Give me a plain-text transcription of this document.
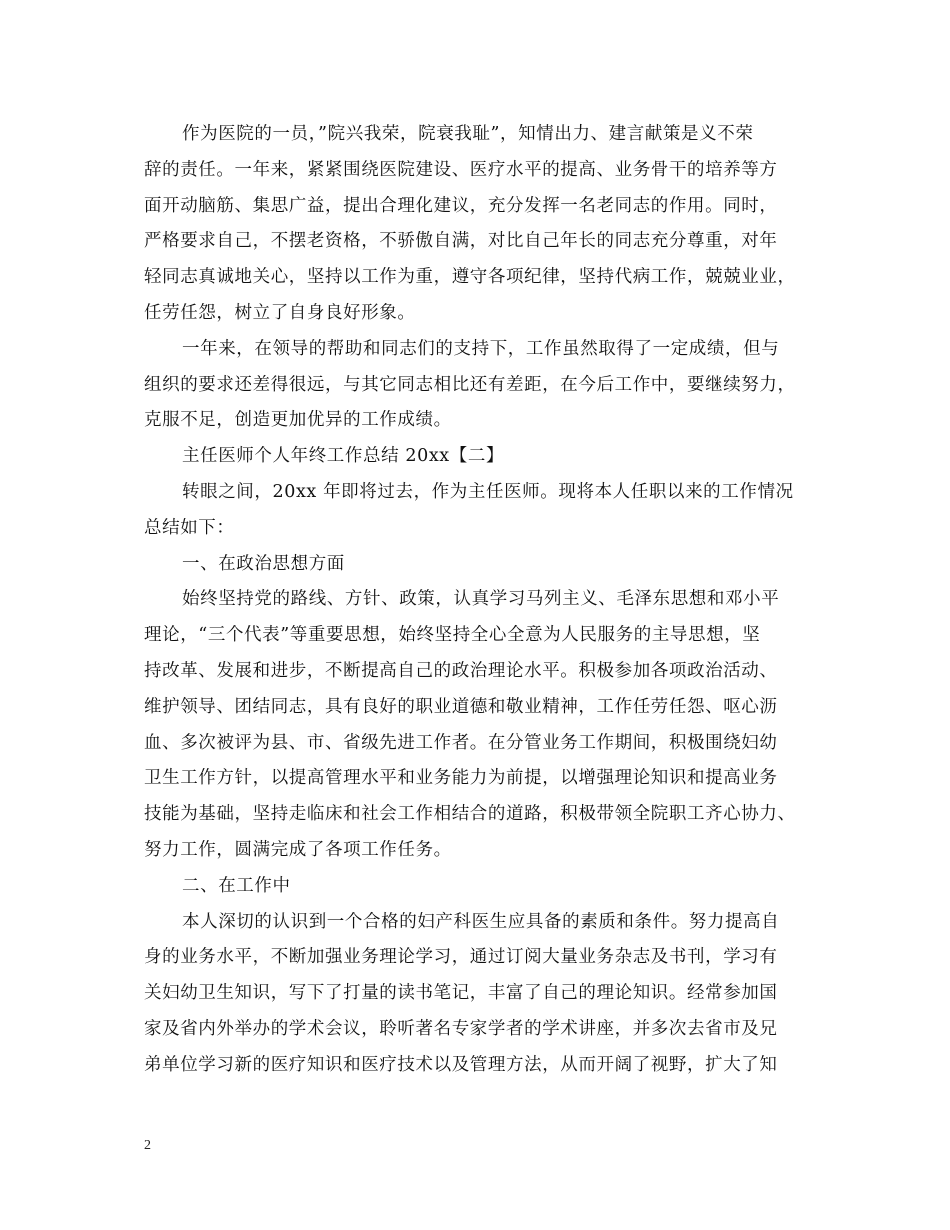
作为医院的一员，”院兴我荣，院衰我耻”，知情出力、建言献策是义不荣
辞的责任。一年来，紧紧围绕医院建设、医疗水平的提高、业务骨干的培养等方
面开动脑筋、集思广益，提出合理化建议，充分发挥一名老同志的作用。同时，
严格要求自己，不摆老资格，不骄傲自满，对比自己年长的同志充分尊重，对年
轻同志真诚地关心，坚持以工作为重，遵守各项纪律，坚持代病工作，兢兢业业，
任劳任怨，树立了自身良好形象。

一年来，在领导的帮助和同志们的支持下，工作虽然取得了一定成绩，但与
组织的要求还差得很远，与其它同志相比还有差距，在今后工作中，要继续努力，
克服不足，创造更加优异的工作成绩。

主任医师个人年终工作总结 20xx【二】

转眼之间，20xx 年即将过去，作为主任医师。现将本人任职以来的工作情况
总结如下：

一、在政治思想方面

始终坚持党的路线、方针、政策，认真学习马列主义、毛泽东思想和邓小平
理论，“三个代表”等重要思想，始终坚持全心全意为人民服务的主导思想，坚
持改革、发展和进步，不断提高自己的政治理论水平。积极参加各项政治活动、
维护领导、团结同志，具有良好的职业道德和敬业精神，工作任劳任怨、呕心沥
血、多次被评为县、市、省级先进工作者。在分管业务工作期间，积极围绕妇幼
卫生工作方针，以提高管理水平和业务能力为前提，以增强理论知识和提高业务
技能为基础，坚持走临床和社会工作相结合的道路，积极带领全院职工齐心协力、
努力工作，圆满完成了各项工作任务。

二、在工作中

本人深切的认识到一个合格的妇产科医生应具备的素质和条件。努力提高自
身的业务水平，不断加强业务理论学习，通过订阅大量业务杂志及书刊，学习有
关妇幼卫生知识，写下了打量的读书笔记，丰富了自己的理论知识。经常参加国
家及省内外举办的学术会议，聆听著名专家学者的学术讲座，并多次去省市及兄
弟单位学习新的医疗知识和医疗技术以及管理方法，从而开阔了视野，扩大了知

2
